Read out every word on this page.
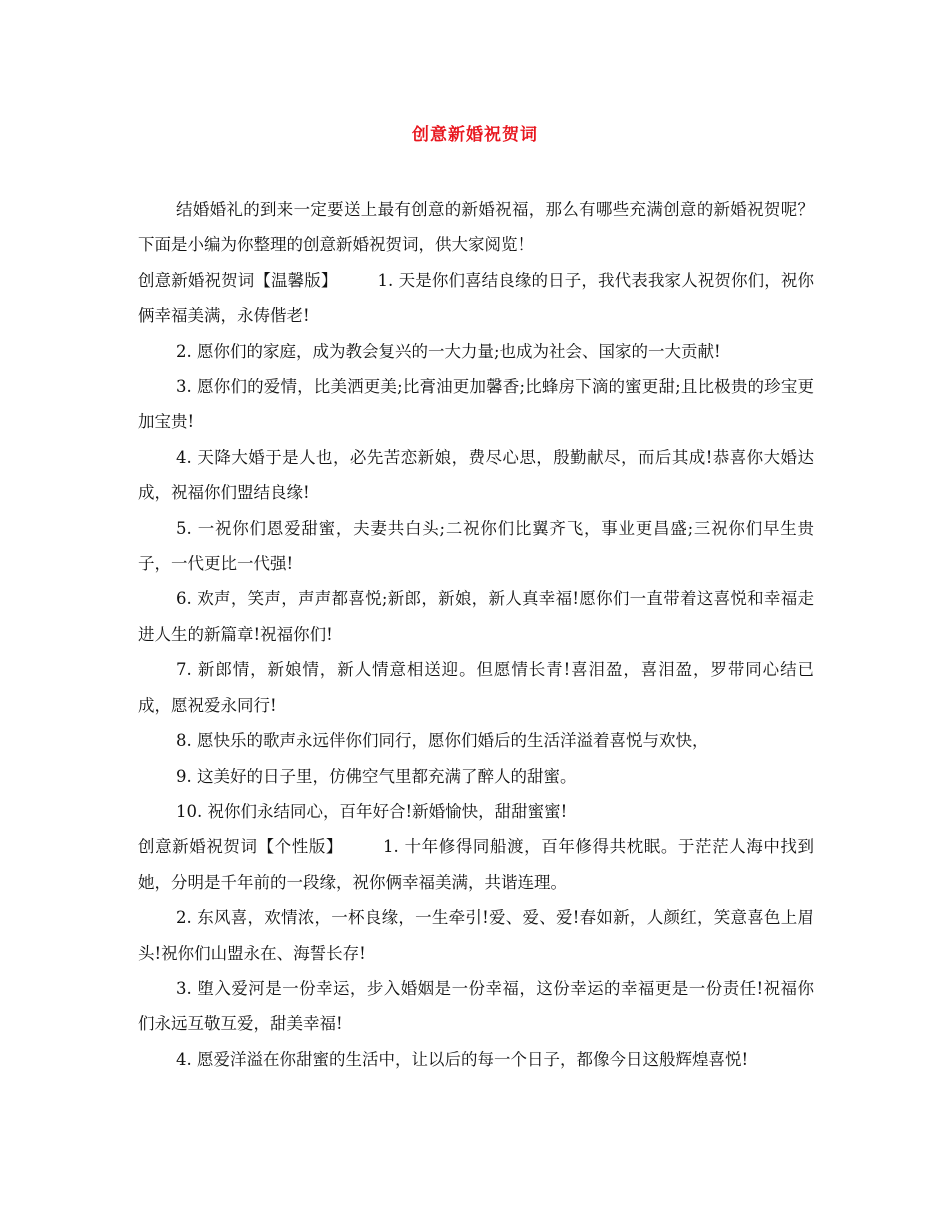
创意新婚祝贺词

结婚婚礼的到来一定要送上最有创意的新婚祝福，那么有哪些充满创意的新婚祝贺呢？下面是小编为你整理的创意新婚祝贺词，供大家阅览！

创意新婚祝贺词【温馨版】 1. 天是你们喜结良缘的日子，我代表我家人祝贺你们，祝你俩幸福美满，永俦偕老!

2. 愿你们的家庭，成为教会复兴的一大力量;也成为社会、国家的一大贡献!

3. 愿你们的爱情，比美洒更美;比膏油更加馨香;比蜂房下滴的蜜更甜;且比极贵的珍宝更加宝贵!

4. 天降大婚于是人也，必先苦恋新娘，费尽心思，殷勤献尽，而后其成!恭喜你大婚达成，祝福你们盟结良缘!

5. 一祝你们恩爱甜蜜，夫妻共白头;二祝你们比翼齐飞，事业更昌盛;三祝你们早生贵子，一代更比一代强!

6. 欢声，笑声，声声都喜悦;新郎，新娘，新人真幸福!愿你们一直带着这喜悦和幸福走进人生的新篇章!祝福你们!

7. 新郎情，新娘情，新人情意相送迎。但愿情长青!喜泪盈，喜泪盈，罗带同心结已成，愿祝爱永同行!

8. 愿快乐的歌声永远伴你们同行，愿你们婚后的生活洋溢着喜悦与欢快，

9. 这美好的日子里，仿佛空气里都充满了醉人的甜蜜。

10. 祝你们永结同心，百年好合!新婚愉快，甜甜蜜蜜!

创意新婚祝贺词【个性版】 1. 十年修得同船渡，百年修得共枕眠。于茫茫人海中找到她，分明是千年前的一段缘，祝你俩幸福美满，共谐连理。

2. 东风喜，欢情浓，一杯良缘，一生牵引!爱、爱、爱!春如新，人颜红，笑意喜色上眉头!祝你们山盟永在、海誓长存!

3. 堕入爱河是一份幸运，步入婚姻是一份幸福，这份幸运的幸福更是一份责任!祝福你们永远互敬互爱，甜美幸福!

4. 愿爱洋溢在你甜蜜的生活中，让以后的每一个日子，都像今日这般辉煌喜悦!
